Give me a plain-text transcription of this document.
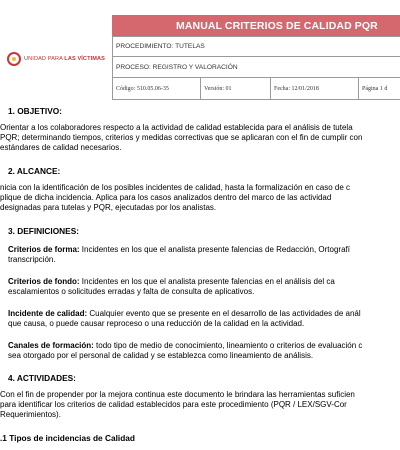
UNIDAD PARA LAS VÍCTIMAS
MANUAL CRITERIOS DE CALIDAD PQR
PROCEDIMIENTO: TUTELAS
PROCESO: REGISTRO Y VALORACIÓN
Código: 510.05.06-35	Versión: 01	Fecha: 12/01/2018	Página 1 d
1. OBJETIVO:
Orientar a los colaboradores respecto a la actividad de calidad establecida para el análisis de tutela
PQR; determinando tiempos, criterios y medidas correctivas que se aplicaran con el fin de cumplir con
estándares de calidad necesarios.
2. ALCANCE:
nicia con la identificación de los posibles incidentes de calidad, hasta la formalización en caso de c
plique de dicha incidencia. Aplica para los casos analizados dentro del marco de las actividad
designadas para tutelas y PQR, ejecutadas por los analistas.
3. DEFINICIONES:
Criterios de forma: Incidentes en los que el analista presente falencias de Redacción, Ortografí
transcripción.
Criterios de fondo: Incidentes en los que el analista presente falencias en el análisis del ca
escalamientos o solicitudes erradas y falta de consulta de aplicativos.
Incidente de calidad: Cualquier evento que se presente en el desarrollo de las actividades de anál
que causa, o puede causar reproceso o una reducción de la calidad en la actividad.
Canales de formación: todo tipo de medio de conocimiento, lineamiento o criterios de evaluación c
sea otorgado por el personal de calidad y se establezca como lineamiento de análisis.
4. ACTIVIDADES:
Con el fin de propender por la mejora continua este documento le brindara las herramientas suficien
para identificar los criterios de calidad establecidos para este procedimiento (PQR / LEX/SGV-Cor
Requerimientos).
.1 Tipos de incidencias de Calidad
